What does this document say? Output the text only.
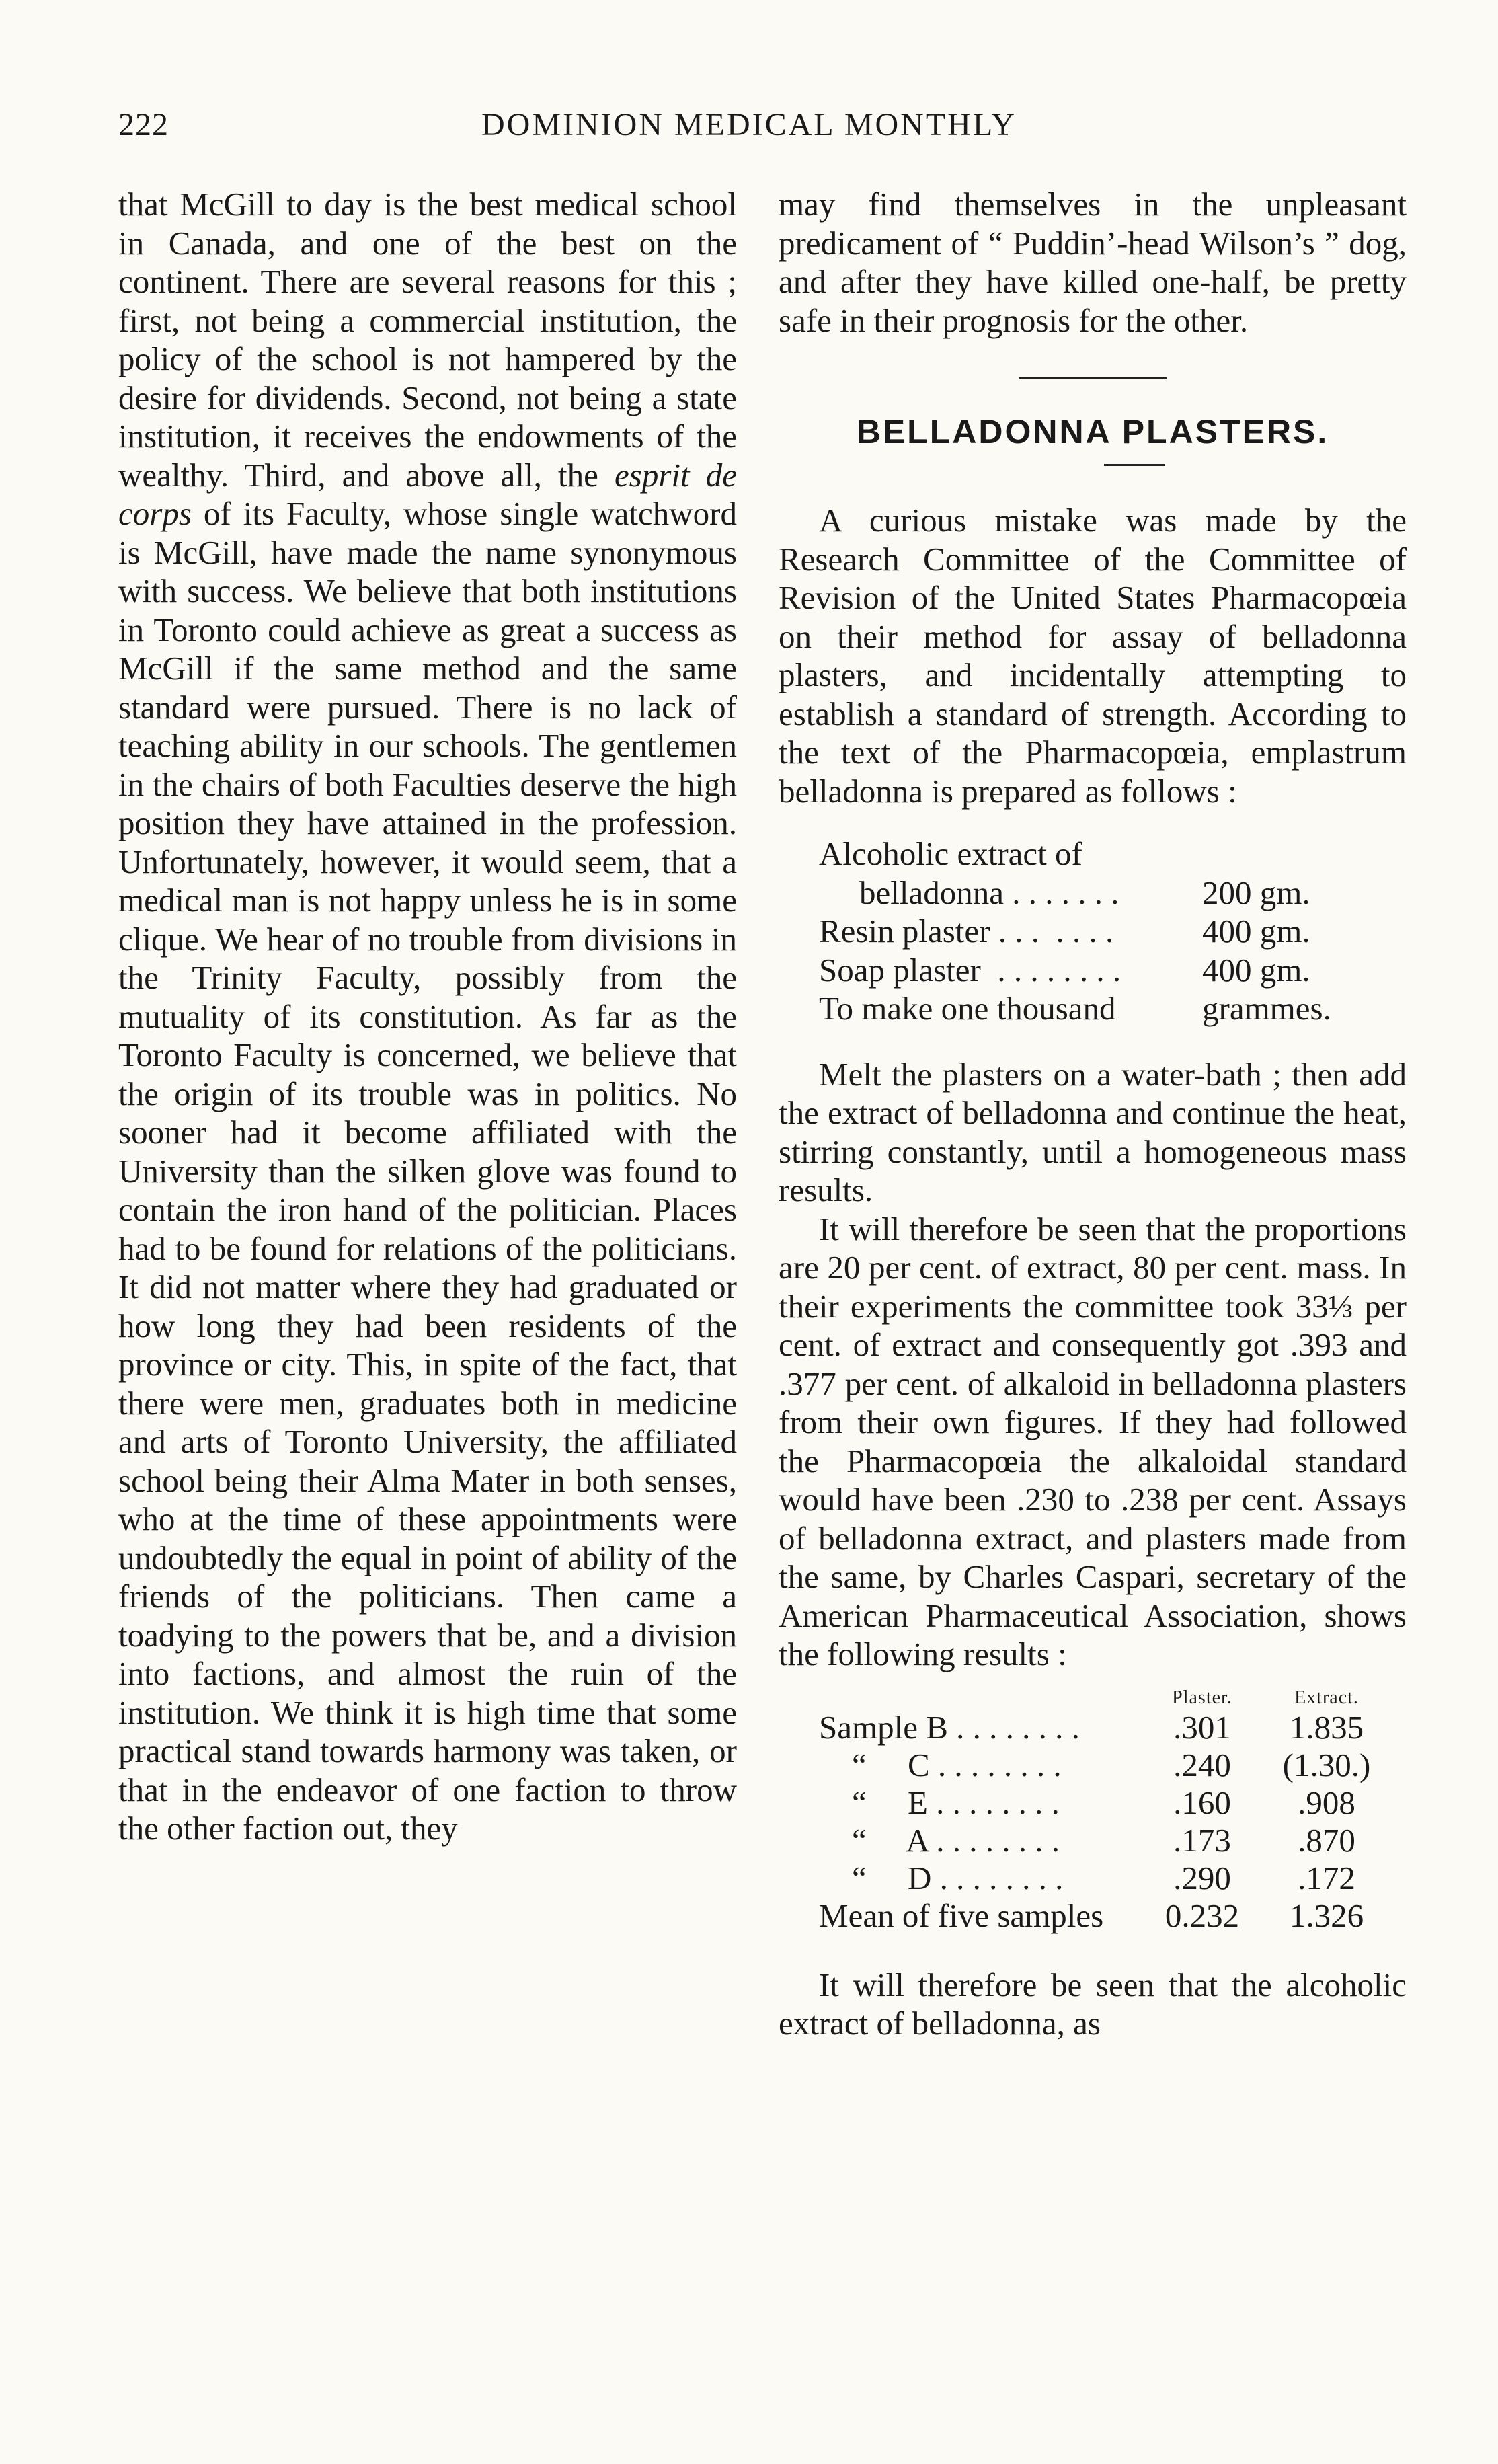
222	DOMINION MEDICAL MONTHLY

that McGill to day is the best medical school in Canada, and one of the best on the continent. There are several reasons for this ; first, not being a commercial institution, the policy of the school is not hampered by the desire for dividends. Second, not being a state institution, it receives the endowments of the wealthy. Third, and above all, the esprit de corps of its Faculty, whose single watchword is McGill, have made the name synonymous with success. We believe that both institutions in Toronto could achieve as great a success as McGill if the same method and the same standard were pursued. There is no lack of teaching ability in our schools. The gentlemen in the chairs of both Faculties deserve the high position they have attained in the profession. Unfortunately, however, it would seem, that a medical man is not happy unless he is in some clique. We hear of no trouble from divisions in the Trinity Faculty, possibly from the mutuality of its constitution. As far as the Toronto Faculty is concerned, we believe that the origin of its trouble was in politics. No sooner had it become affiliated with the University than the silken glove was found to contain the iron hand of the politician. Places had to be found for relations of the politicians. It did not matter where they had graduated or how long they had been residents of the province or city. This, in spite of the fact, that there were men, graduates both in medicine and arts of Toronto University, the affiliated school being their Alma Mater in both senses, who at the time of these appointments were undoubtedly the equal in point of ability of the friends of the politicians. Then came a toadying to the powers that be, and a division into factions, and almost the ruin of the institution. We think it is high time that some practical stand towards harmony was taken, or that in the endeavor of one faction to throw the other faction out, they

may find themselves in the unpleasant predicament of “ Puddin’-head Wilson’s ” dog, and after they have killed one-half, be pretty safe in their prognosis for the other.

BELLADONNA PLASTERS.

A curious mistake was made by the Research Committee of the Committee of Revision of the United States Pharmacopœia on their method for assay of belladonna plasters, and incidentally attempting to establish a standard of strength. According to the text of the Pharmacopœia, emplastrum belladonna is prepared as follows :

Alcoholic extract of
belladonna . . . . . . .	200 gm.
Resin plaster . . .  . . . .	400 gm.
Soap plaster  . . . . . . . .	400 gm.
To make one thousand	grammes.

Melt the plasters on a water-bath ; then add the extract of belladonna and continue the heat, stirring constantly, until a homogeneous mass results.

It will therefore be seen that the proportions are 20 per cent. of extract, 80 per cent. mass. In their experiments the committee took 33⅓ per cent. of extract and consequently got .393 and .377 per cent. of alkaloid in belladonna plasters from their own figures. If they had followed the Pharmacopœia the alkaloidal standard would have been .230 to .238 per cent. Assays of belladonna extract, and plasters made from the same, by Charles Caspari, secretary of the American Pharmaceutical Association, shows the following results :

	Plaster.	Extract.
Sample B . . . . . . . .	.301	1.835
“     C . . . . . . . .	.240	(1.30.)
“     E . . . . . . . .	.160	.908
“     A . . . . . . . .	.173	.870
“     D . . . . . . . .	.290	.172
Mean of five samples	0.232	1.326

It will therefore be seen that the alcoholic extract of belladonna, as
